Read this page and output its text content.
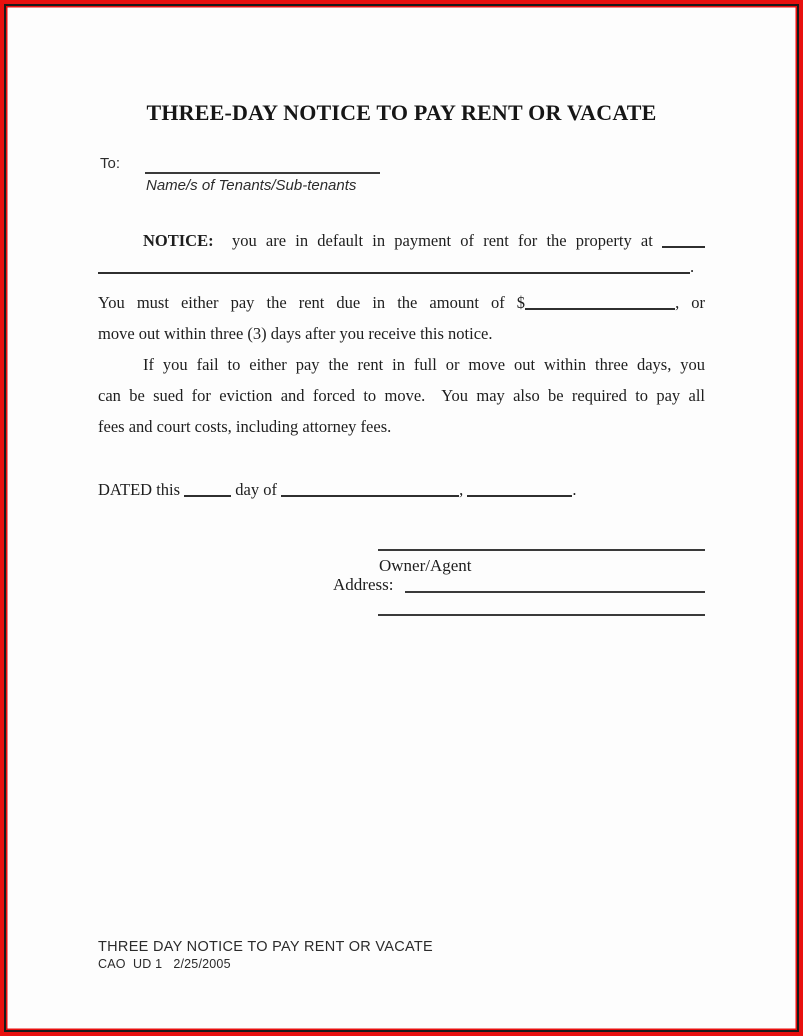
THREE-DAY NOTICE TO PAY RENT OR VACATE
To:
Name/s of Tenants/Sub-tenants
NOTICE:  you are in default in payment of rent for the property at
.
You must either pay the rent due in the amount of $	, or
move out within three (3) days after you receive this notice.
If you fail to either pay the rent in full or move out within three days, you
can be sued for eviction and forced to move.  You may also be required to pay all
fees and court costs, including attorney fees.
DATED this	day of	,	.
Owner/Agent
Address:
THREE DAY NOTICE TO PAY RENT OR VACATE
CAO  UD 1   2/25/2005
